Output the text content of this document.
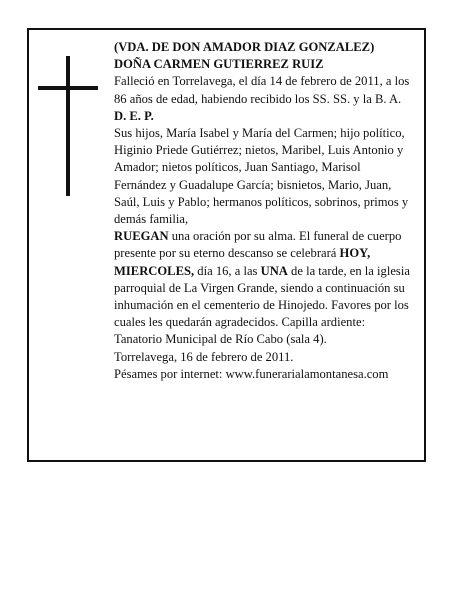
(VDA. DE DON AMADOR DIAZ GONZALEZ)

DOÑA CARMEN GUTIERREZ RUIZ

Falleció en Torrelavega, el día 14 de febrero de 2011, a los 86 años de edad, habiendo recibido los SS. SS. y la B. A.

D. E. P.

Sus hijos, María Isabel y María del Carmen; hijo político, Higinio Priede Gutiérrez; nietos, Maribel, Luis Antonio y Amador; nietos políticos, Juan Santiago, Marisol Fernández y Guadalupe García; bisnietos, Mario, Juan, Saúl, Luis y Pablo; hermanos políticos, sobrinos, primos y demás familia,

RUEGAN una oración por su alma. El funeral de cuerpo presente por su eterno descanso se celebrará HOY, MIERCOLES, día 16, a las UNA de la tarde, en la iglesia parroquial de La Virgen Grande, siendo a continuación su inhumación en el cementerio de Hinojedo. Favores por los cuales les quedarán agradecidos. Capilla ardiente: Tanatorio Municipal de Río Cabo (sala 4).

Torrelavega, 16 de febrero de 2011.

Pésames por internet: www.funerarialamontanesa.com
